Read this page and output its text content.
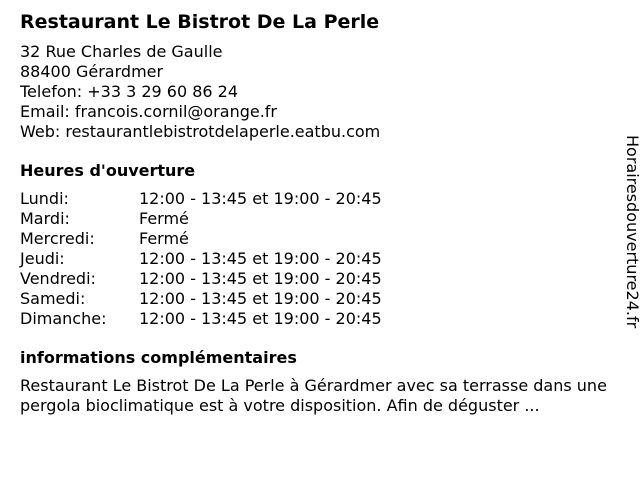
Restaurant Le Bistrot De La Perle
32 Rue Charles de Gaulle
88400 Gérardmer
Telefon: +33 3 29 60 86 24
Email: francois.cornil@orange.fr
Web: restaurantlebistrotdelaperle.eatbu.com
Heures d'ouverture
Lundi:	12:00 - 13:45 et 19:00 - 20:45
Mardi:	Fermé
Mercredi:	Fermé
Jeudi:	12:00 - 13:45 et 19:00 - 20:45
Vendredi:	12:00 - 13:45 et 19:00 - 20:45
Samedi:	12:00 - 13:45 et 19:00 - 20:45
Dimanche:	12:00 - 13:45 et 19:00 - 20:45
informations complémentaires
Restaurant Le Bistrot De La Perle à Gérardmer avec sa terrasse dans une pergola bioclimatique est à votre disposition. Afin de déguster ...
Horairesdouverture24.fr
